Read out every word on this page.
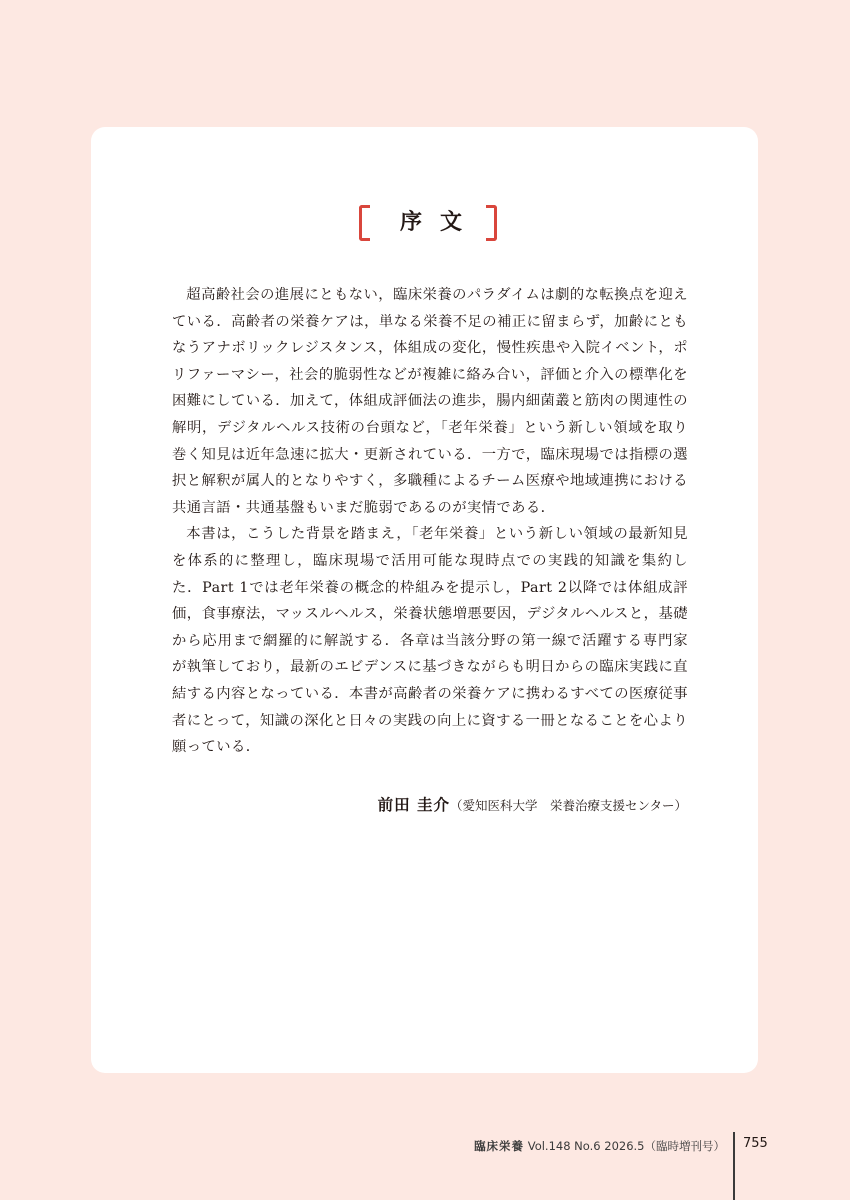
序文

超高齢社会の進展にともない，臨床栄養のパラダイムは劇的な転換点を迎えている．高齢者の栄養ケアは，単なる栄養不足の補正に留まらず，加齢にともなうアナボリックレジスタンス，体組成の変化，慢性疾患や入院イベント，ポリファーマシー，社会的脆弱性などが複雑に絡み合い，評価と介入の標準化を困難にしている．加えて，体組成評価法の進歩，腸内細菌叢と筋肉の関連性の解明，デジタルヘルス技術の台頭など，「老年栄養」という新しい領域を取り巻く知見は近年急速に拡大・更新されている．一方で，臨床現場では指標の選択と解釈が属人的となりやすく，多職種によるチーム医療や地域連携における共通言語・共通基盤もいまだ脆弱であるのが実情である．

本書は，こうした背景を踏まえ，「老年栄養」という新しい領域の最新知見を体系的に整理し，臨床現場で活用可能な現時点での実践的知識を集約した．Part 1では老年栄養の概念的枠組みを提示し，Part 2以降では体組成評価，食事療法，マッスルヘルス，栄養状態増悪要因，デジタルヘルスと，基礎から応用まで網羅的に解説する．各章は当該分野の第一線で活躍する専門家が執筆しており，最新のエビデンスに基づきながらも明日からの臨床実践に直結する内容となっている．本書が高齢者の栄養ケアに携わるすべての医療従事者にとって，知識の深化と日々の実践の向上に資する一冊となることを心より願っている．

前田 圭介（愛知医科大学　栄養治療支援センター）
臨床栄養 Vol.148 No.6 2026.5（臨時増刊号） 755
